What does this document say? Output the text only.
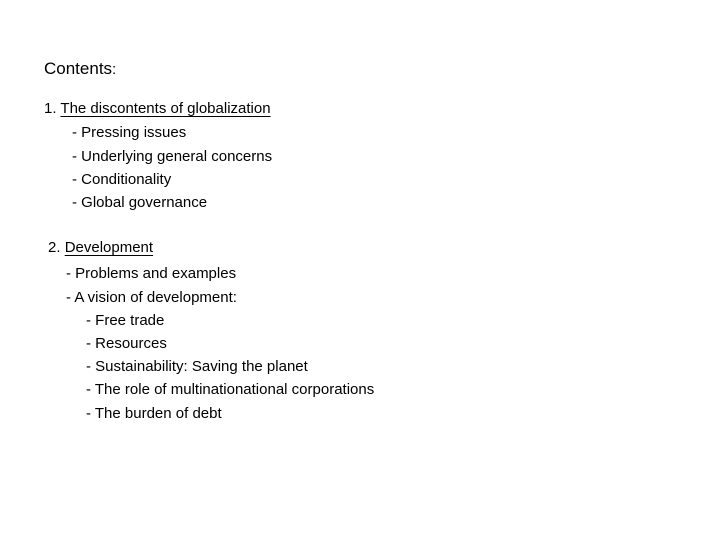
Contents:
1. The discontents of globalization
- Pressing issues
- Underlying general concerns
- Conditionality
- Global governance
2. Development
- Problems and examples
- A vision of development:
- Free trade
- Resources
- Sustainability: Saving the planet
- The role of multinationational corporations
- The burden of debt
